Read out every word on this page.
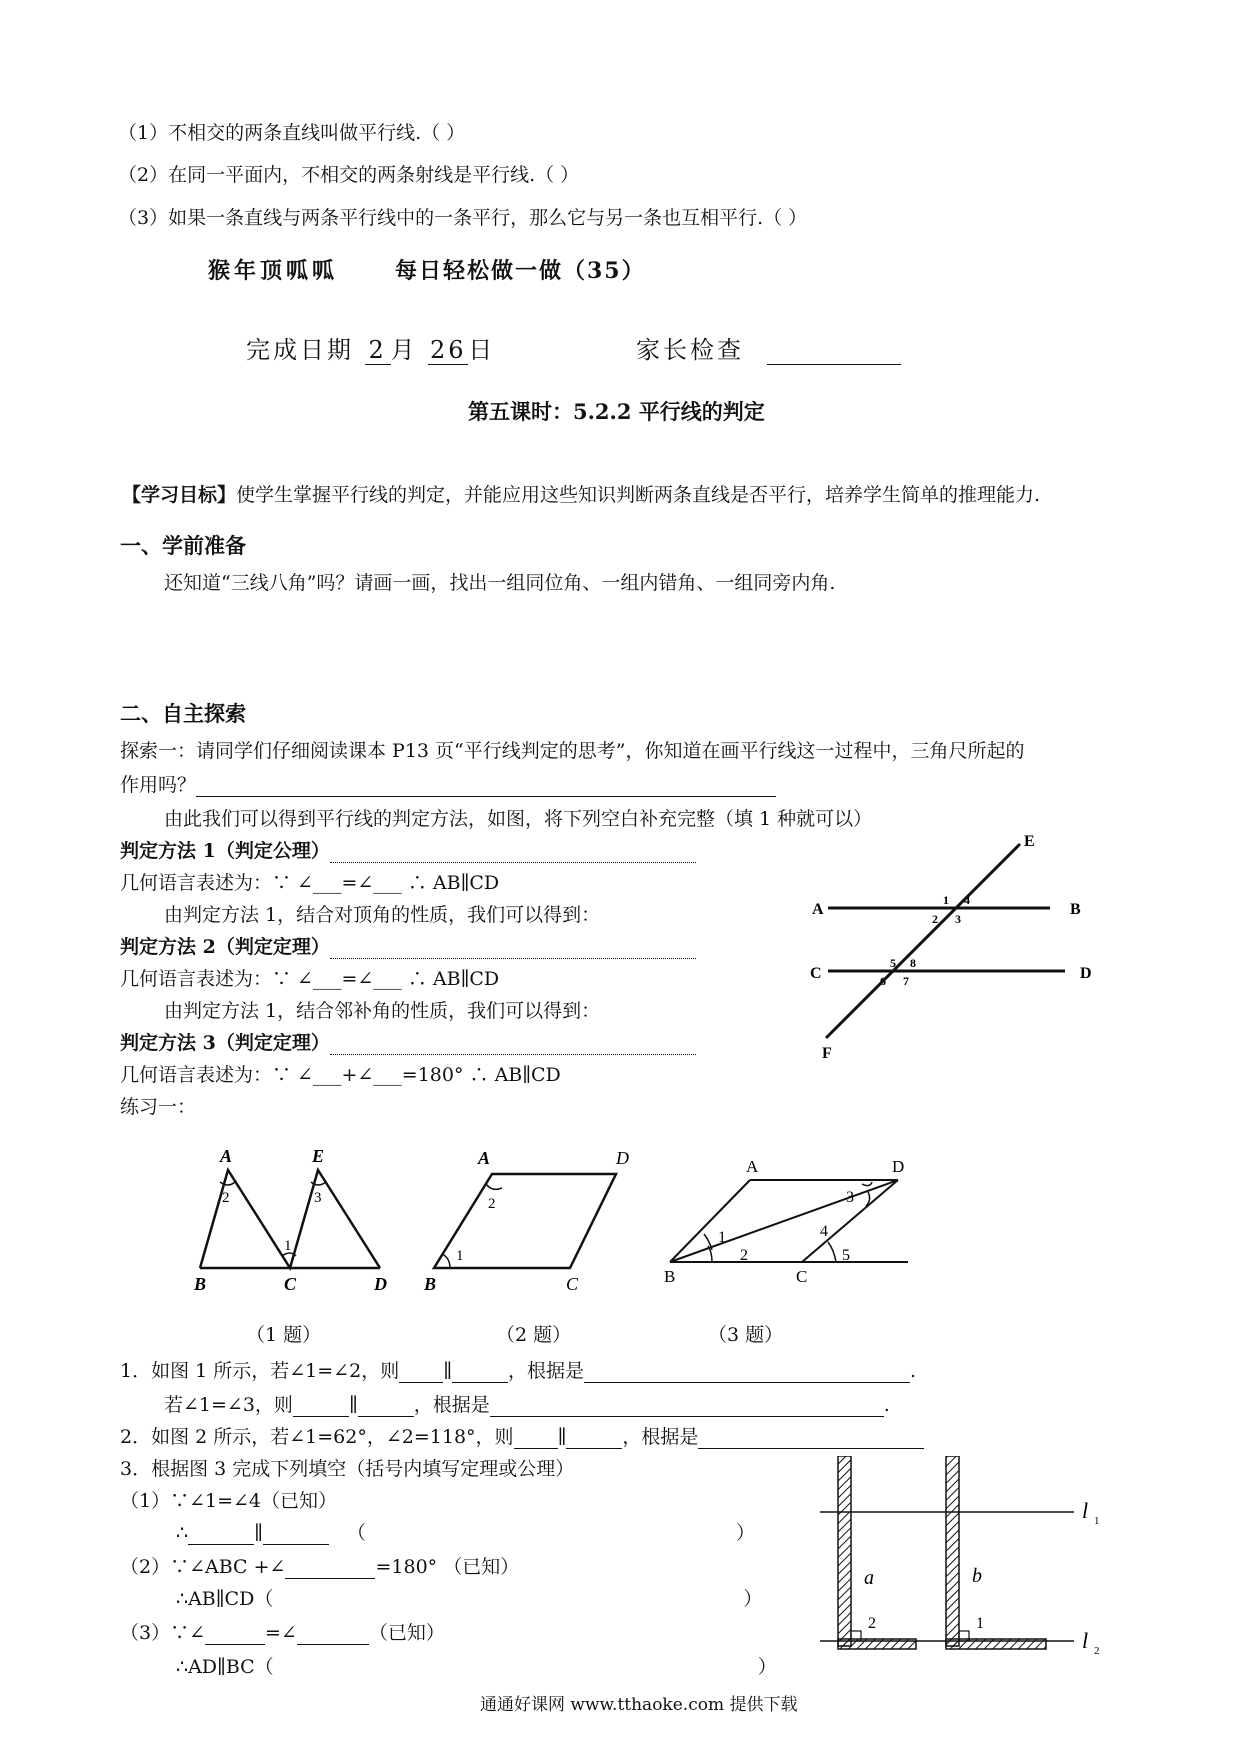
（1）不相交的两条直线叫做平行线.（ ）
（2）在同一平面内，不相交的两条射线是平行线.（ ）
（3）如果一条直线与两条平行线中的一条平行，那么它与另一条也互相平行.（ ）
猴年顶呱呱	每日轻松做一做（35）
完成日期 2 月 26日	家长检查
第五课时：5.2.2 平行线的判定
【学习目标】使学生掌握平行线的判定，并能应用这些知识判断两条直线是否平行，培养学生简单的推理能力.
一、学前准备
还知道“三线八角”吗？请画一画，找出一组同位角、一组内错角、一组同旁内角.
二、自主探索
探索一：请同学们仔细阅读课本 P13 页“平行线判定的思考”，你知道在画平行线这一过程中，三角尺所起的
作用吗？
由此我们可以得到平行线的判定方法，如图，将下列空白补充完整（填 1 种就可以）
判定方法 1（判定公理）
几何语言表述为：∵ ∠___=∠___ ∴ AB∥CD
由判定方法 1，结合对顶角的性质，我们可以得到：
判定方法 2（判定定理）
几何语言表述为：∵ ∠___=∠___ ∴ AB∥CD
由判定方法 1，结合邻补角的性质，我们可以得到：
判定方法 3（判定定理）
几何语言表述为：∵ ∠___+∠___=180° ∴ AB∥CD
练习一：
A	B
C	D
E
F
1
2 3
4
5
6 7
8
A	E
B	C	D
2	3
1
（1 题）
A	D
B	C
1
2
（2 题）
A	D
B	C
1
2
3
4
5
（3 题）
1．如图 1 所示，若∠1=∠2，则 ∥	，根据是	.
若∠1=∠3，则	∥	，根据是	.
2．如图 2 所示，若∠1=62°，∠2=118°，则 ∥	，根据是
3．根据图 3 完成下列填空（括号内填写定理或公理）
（1）∵∠1=∠4（已知）
∴	∥	（	）
（2）∵∠ABC +∠	=180° （已知）
∴AB∥CD（	）
（3）∵∠	=∠	（已知）
∴AD∥BC（	）
l 1
l 2
a	b
2	1
通通好课网 www.tthaoke.com 提供下载
